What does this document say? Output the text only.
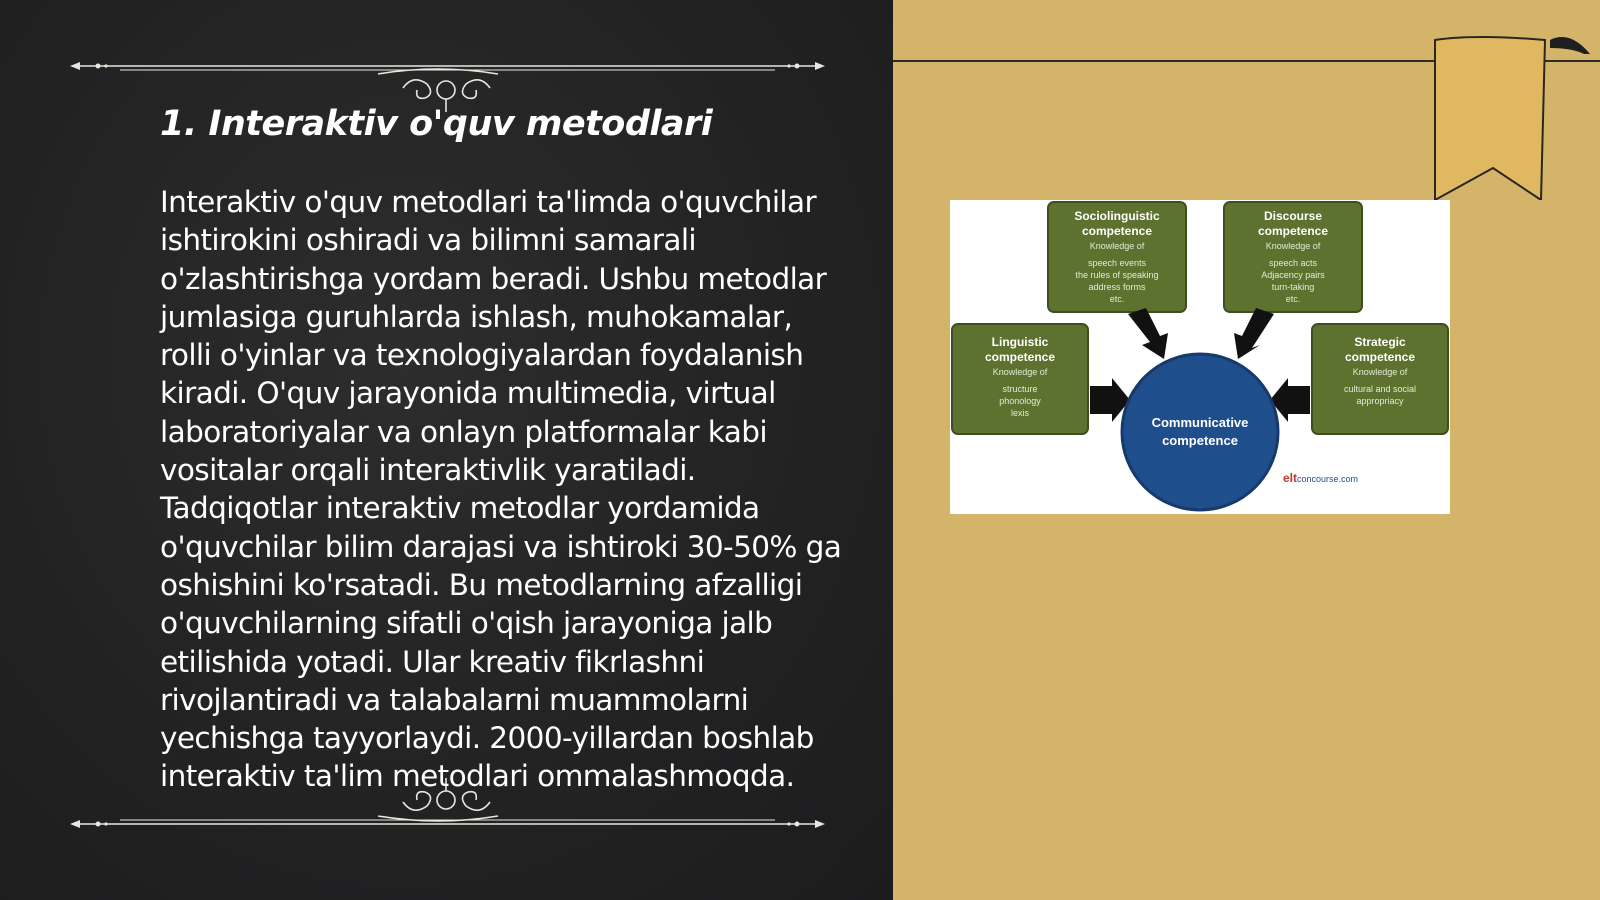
1. Interaktiv o'quv metodlari

Interaktiv o'quv metodlari ta'limda o'quvchilar ishtirokini oshiradi va bilimni samarali o'zlashtirishga yordam beradi. Ushbu metodlar jumlasiga guruhlarda ishlash, muhokamalar, rolli o'yinlar va texnologiyalardan foydalanish kiradi. O'quv jarayonida multimedia, virtual laboratoriyalar va onlayn platformalar kabi vositalar orqali interaktivlik yaratiladi. Tadqiqotlar interaktiv metodlar yordamida o'quvchilar bilim darajasi va ishtiroki 30-50% ga oshishini ko'rsatadi. Bu metodlarning afzalligi o'quvchilarning sifatli o'qish jarayoniga jalb etilishida yotadi. Ular kreativ fikrlashni rivojlantiradi va talabalarni muammolarni yechishga tayyorlaydi. 2000-yillardan boshlab interaktiv ta'lim metodlari ommalashmoqda.

Sociolinguistic
competence
Knowledge of
speech events
the rules of speaking
address forms
etc.
Discourse
competence
Knowledge of
speech acts
Adjacency pairs
turn-taking
etc.
Linguistic
competence
Knowledge of
structure
phonology
lexis
Strategic
competence
Knowledge of
cultural and social
appropriacy
Communicative
competence
eltconcourse.com
